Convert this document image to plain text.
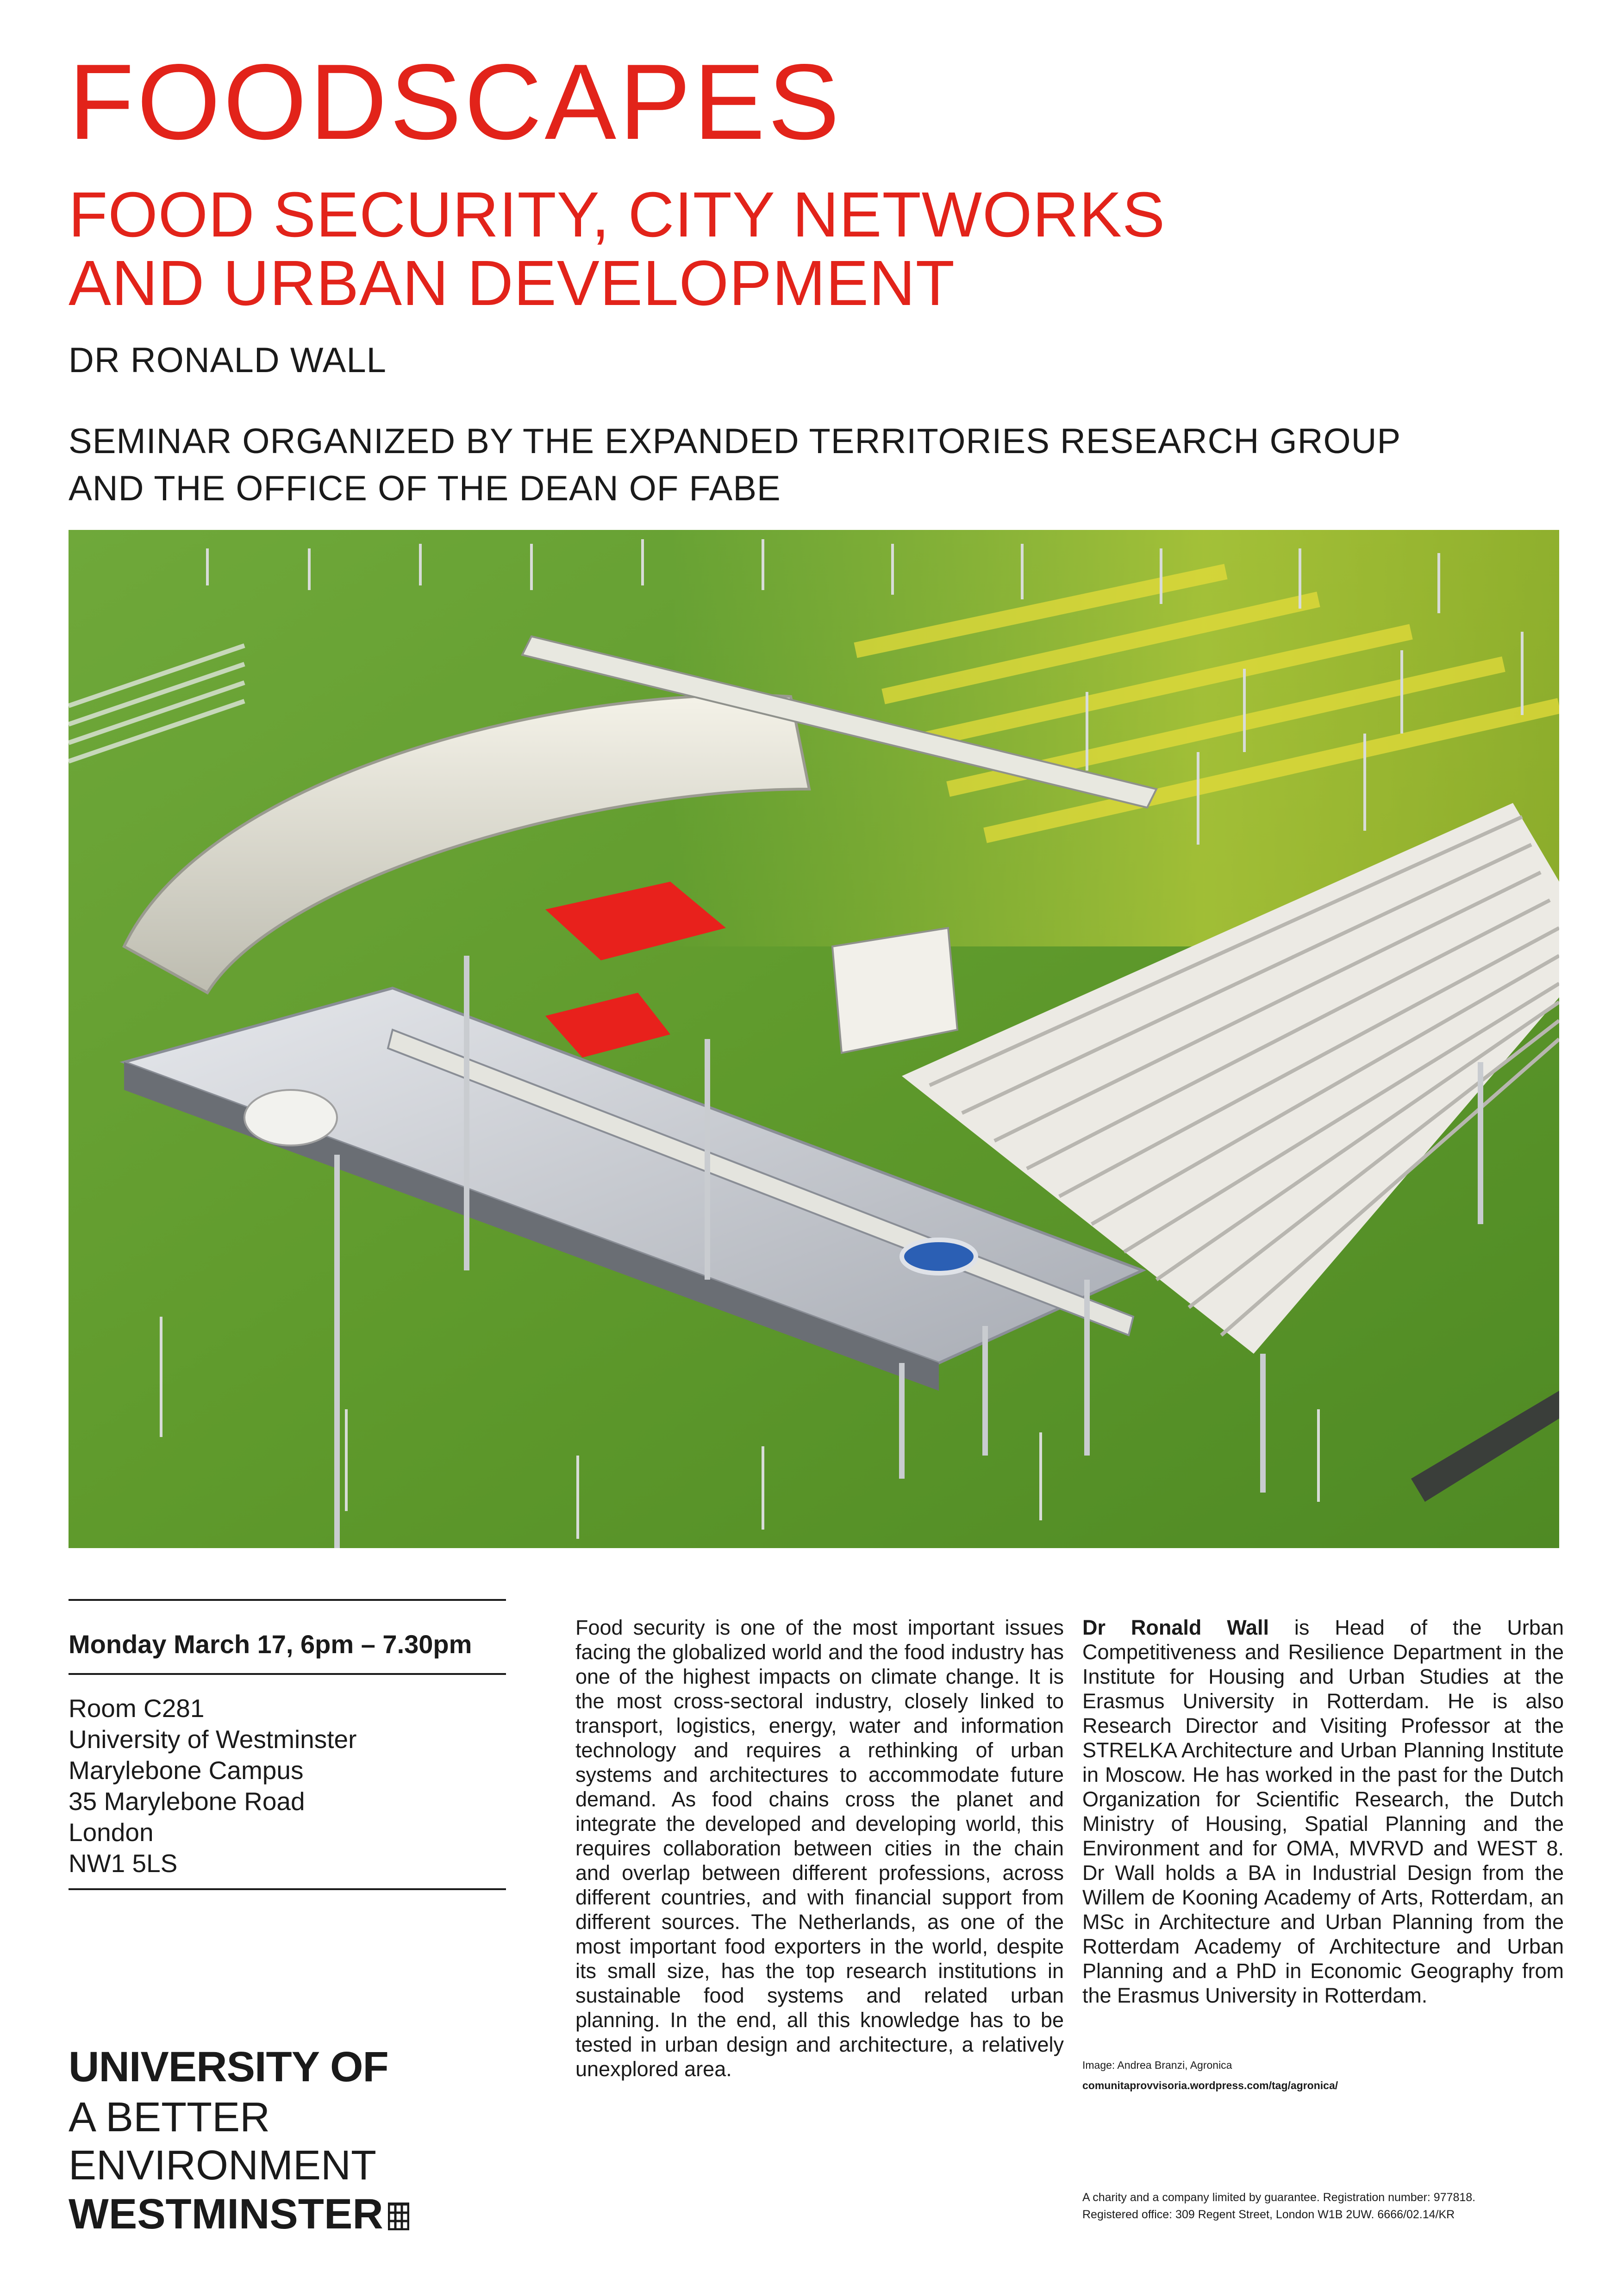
FOODSCAPES
FOOD SECURITY, CITY NETWORKS
AND URBAN DEVELOPMENT
DR RONALD WALL
SEMINAR ORGANIZED BY THE EXPANDED TERRITORIES RESEARCH GROUP
AND THE OFFICE OF THE DEAN OF FABE
Monday March 17, 6pm – 7.30pm
Room C281
University of Westminster
Marylebone Campus
35 Marylebone Road
London
NW1 5LS
Food security is one of the most important issues facing the globalized world and the food industry has one of the highest impacts on climate change. It is the most cross-sectoral industry, closely linked to transport, logistics, energy, water and information technology and requires a rethinking of urban systems and architectures to accommodate future demand. As food chains cross the planet and integrate the developed and developing world, this requires collaboration between cities in the chain and overlap between different professions, across different countries, and with financial support from different sources. The Netherlands, as one of the most important food exporters in the world, despite its small size, has the top research institutions in sustainable food systems and related urban planning. In the end, all this knowledge has to be tested in urban design and architecture, a relatively unexplored area.
Dr Ronald Wall is Head of the Urban Competitiveness and Resilience Department in the Institute for Housing and Urban Studies at the Erasmus University in Rotterdam. He is also Research Director and Visiting Professor at the STRELKA Architecture and Urban Planning Institute in Moscow. He has worked in the past for the Dutch Organization for Scientific Research, the Dutch Ministry of Housing, Spatial Planning and the Environment and for OMA, MVRVD and WEST 8. Dr Wall holds a BA in Industrial Design from the Willem de Kooning Academy of Arts, Rotterdam, an MSc in Architecture and Urban Planning from the Rotterdam Academy of Architecture and Urban Planning and a PhD in Economic Geography from the Erasmus University in Rotterdam.
Image: Andrea Branzi, Agronica
comunitaprovvisoria.wordpress.com/tag/agronica/
UNIVERSITY OF
A BETTER
ENVIRONMENT
WESTMINSTER	A charity and a company limited by guarantee. Registration number: 977818.
Registered office: 309 Regent Street, London W1B 2UW. 6666/02.14/KR
